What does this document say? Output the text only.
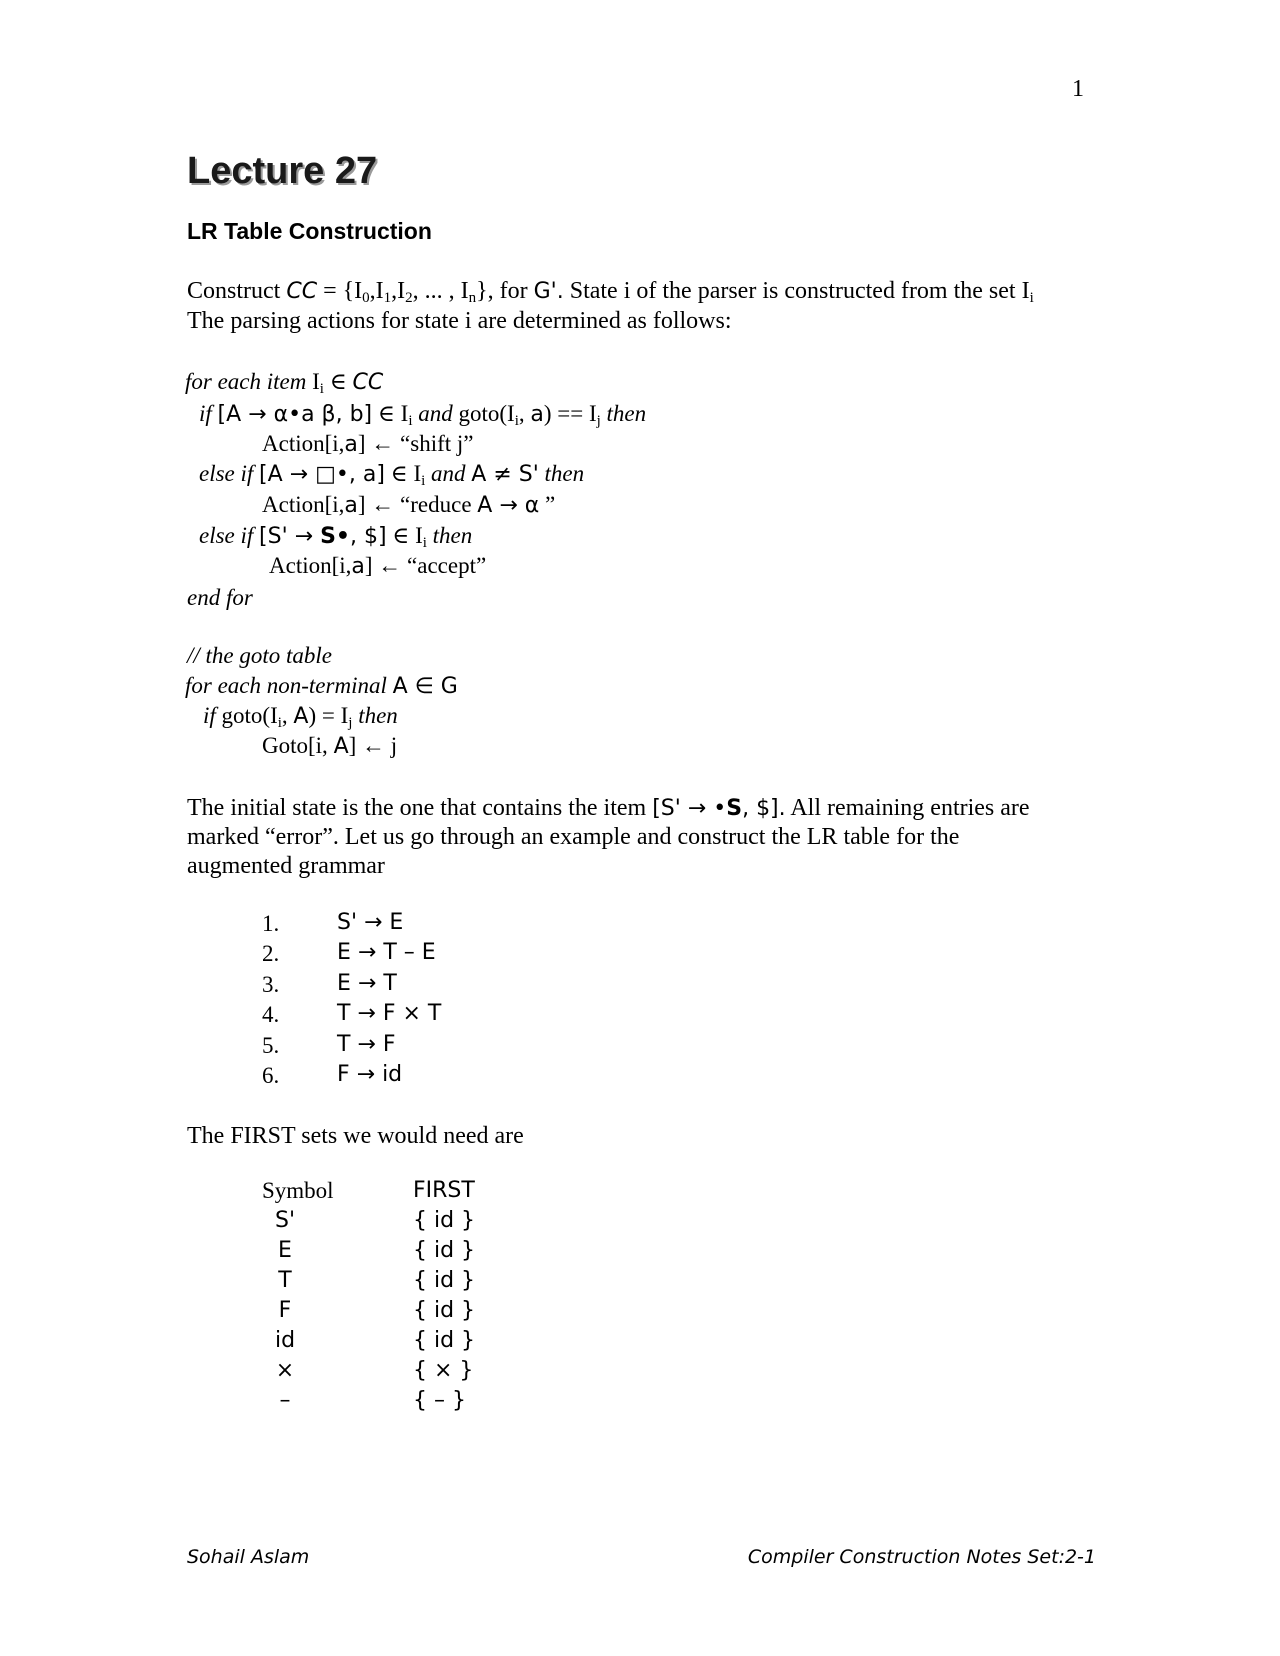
1
Lecture 27
LR Table Construction
Construct CC = {$I_0,I_1,I_2$, ... , $I_n$}, for G'. State i of the parser is constructed from the set $I_i$
The parsing actions for state i are determined as follows:
for each item $I_i$ ∈ CC
if [A → α•a β, b] ∈ $I_i$ and $goto(I_i$, $a) == I_j$ then
Action[i,a] ← “shift j”
else if [A → □•, a] ∈ $I_i$ and A ≠ S' then
Action[i,a] ← “reduce A → α ”
else if [S' → S•, $] ∈ $I_i$ then
Action[i,a] ← “accept”
end for
// the goto table
for each non-terminal A ∈ G
if $goto(I_i$, $A) = I_j$ then
Goto[i, A] ← j
The initial state is the one that contains the item [S' → •S, $]. All remaining entries are
marked “error”. Let us go through an example and construct the LR table for the
augmented grammar
1.	S' → E
2.	E → T – E
3.	E → T
4.	T → F × T
5.	T → F
6.	F → id
The FIRST sets we would need are
Symbol	FIRST
S'	{ id }
E	{ id }
T	{ id }
F	{ id }
id	{ id }
×	{ × }
–	{ – }
Sohail Aslam	Compiler Construction Notes Set:2-1
